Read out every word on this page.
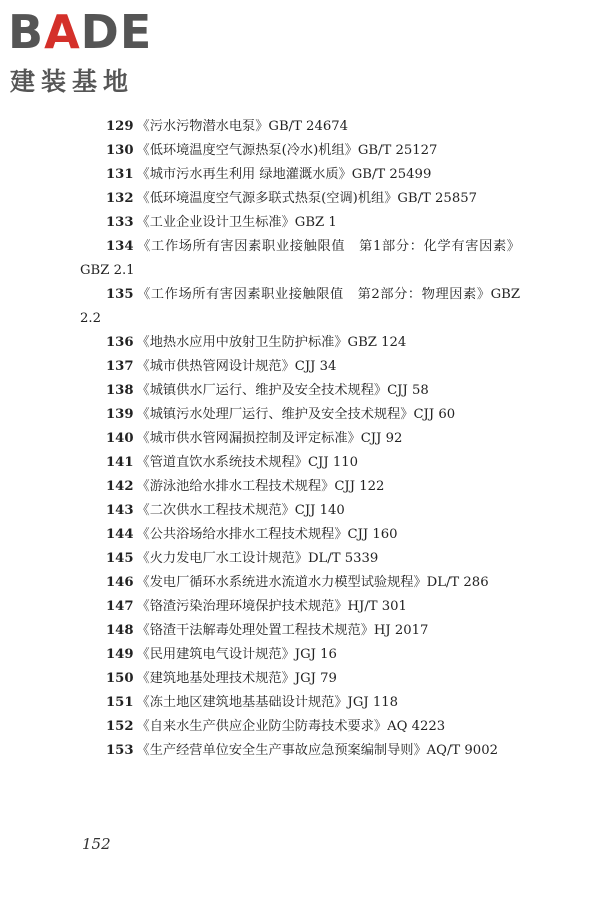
BADE
建装基地
129 《污水污物潜水电泵》GB/T 24674
130 《低环境温度空气源热泵(冷水)机组》GB/T 25127
131 《城市污水再生利用 绿地灌溉水质》GB/T 25499
132 《低环境温度空气源多联式热泵(空调)机组》GB/T 25857
133 《工业企业设计卫生标准》GBZ 1
134 《工作场所有害因素职业接触限值　第1部分：化学有害因素》GBZ 2.1
135 《工作场所有害因素职业接触限值　第2部分：物理因素》GBZ 2.2
136 《地热水应用中放射卫生防护标准》GBZ 124
137 《城市供热管网设计规范》CJJ 34
138 《城镇供水厂运行、维护及安全技术规程》CJJ 58
139 《城镇污水处理厂运行、维护及安全技术规程》CJJ 60
140 《城市供水管网漏损控制及评定标准》CJJ 92
141 《管道直饮水系统技术规程》CJJ 110
142 《游泳池给水排水工程技术规程》CJJ 122
143 《二次供水工程技术规范》CJJ 140
144 《公共浴场给水排水工程技术规程》CJJ 160
145 《火力发电厂水工设计规范》DL/T 5339
146 《发电厂循环水系统进水流道水力模型试验规程》DL/T 286
147 《铬渣污染治理环境保护技术规范》HJ/T 301
148 《铬渣干法解毒处理处置工程技术规范》HJ 2017
149 《民用建筑电气设计规范》JGJ 16
150 《建筑地基处理技术规范》JGJ 79
151 《冻土地区建筑地基基础设计规范》JGJ 118
152 《自来水生产供应企业防尘防毒技术要求》AQ 4223
153 《生产经营单位安全生产事故应急预案编制导则》AQ/T 9002
152
